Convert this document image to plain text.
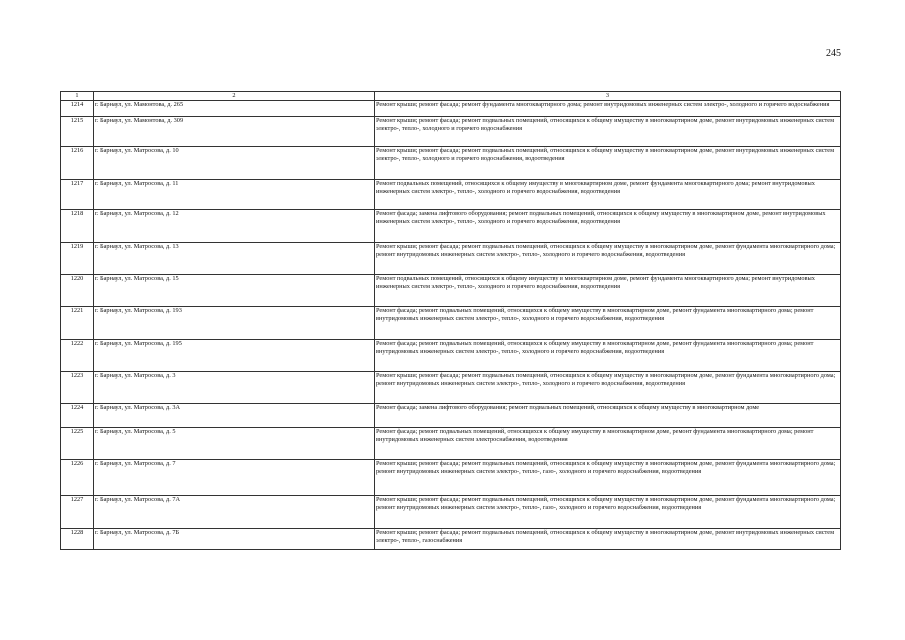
245
1	2	3
1214	г. Барнаул, ул. Мамонтова, д. 265	Ремонт крыши; ремонт фасада; ремонт фундамента многоквартирного дома; ремонт внутридомовых инженерных систем электро-, холодного и горячего водоснабжения
1215	г. Барнаул, ул. Мамонтова, д. 309	Ремонт крыши; ремонт фасада; ремонт подвальных помещений, относящихся к общему имуществу в многоквартирном доме, ремонт внутридомовых инженерных систем электро-, тепло-, холодного и горячего водоснабжения
1216	г. Барнаул, ул. Матросова, д. 10	Ремонт крыши; ремонт фасада; ремонт подвальных помещений, относящихся к общему имуществу в многоквартирном доме, ремонт внутридомовых инженерных систем электро-, тепло-, холодного и горячего водоснабжения, водоотведения
1217	г. Барнаул, ул. Матросова, д. 11	Ремонт подвальных помещений, относящихся к общему имуществу в многоквартирном доме, ремонт фундамента многоквартирного дома; ремонт внутридомовых инженерных систем электро-, тепло-, холодного и горячего водоснабжения, водоотведения
1218	г. Барнаул, ул. Матросова, д. 12	Ремонт фасада; замена лифтового оборудования; ремонт подвальных помещений, относящихся к общему имуществу в многоквартирном доме, ремонт внутридомовых инженерных систем электро-, тепло-, холодного и горячего водоснабжения, водоотведения
1219	г. Барнаул, ул. Матросова, д. 13	Ремонт крыши; ремонт фасада; ремонт подвальных помещений, относящихся к общему имуществу в многоквартирном доме, ремонт фундамента многоквартирного дома; ремонт внутридомовых инженерных систем электро-, тепло-, холодного и горячего водоснабжения, водоотведения
1220	г. Барнаул, ул. Матросова, д. 15	Ремонт подвальных помещений, относящихся к общему имуществу в многоквартирном доме, ремонт фундамента многоквартирного дома; ремонт внутридомовых инженерных систем электро-, тепло-, холодного и горячего водоснабжения, водоотведения
1221	г. Барнаул, ул. Матросова, д. 193	Ремонт фасада; ремонт подвальных помещений, относящихся к общему имуществу в многоквартирном доме, ремонт фундамента многоквартирного дома; ремонт внутридомовых инженерных систем электро-, тепло-, холодного и горячего водоснабжения, водоотведения
1222	г. Барнаул, ул. Матросова, д. 195	Ремонт фасада; ремонт подвальных помещений, относящихся к общему имуществу в многоквартирном доме, ремонт фундамента многоквартирного дома; ремонт внутридомовых инженерных систем электро-, тепло-, холодного и горячего водоснабжения, водоотведения
1223	г. Барнаул, ул. Матросова, д. 3	Ремонт крыши; ремонт фасада; ремонт подвальных помещений, относящихся к общему имуществу в многоквартирном доме, ремонт фундамента многоквартирного дома; ремонт внутридомовых инженерных систем электро-, тепло-, холодного и горячего водоснабжения, водоотведения
1224	г. Барнаул, ул. Матросова, д. 3А	Ремонт фасада; замена лифтового оборудования; ремонт подвальных помещений, относящихся к общему имуществу в многоквартирном доме
1225	г. Барнаул, ул. Матросова, д. 5	Ремонт фасада; ремонт подвальных помещений, относящихся к общему имуществу в многоквартирном доме, ремонт фундамента многоквартирного дома; ремонт внутридомовых инженерных систем электроснабжения, водоотведения
1226	г. Барнаул, ул. Матросова, д. 7	Ремонт крыши; ремонт фасада; ремонт подвальных помещений, относящихся к общему имуществу в многоквартирном доме, ремонт фундамента многоквартирного дома; ремонт внутридомовых инженерных систем электро-, тепло-, газо-, холодного и горячего водоснабжения, водоотведения
1227	г. Барнаул, ул. Матросова, д. 7А	Ремонт крыши; ремонт фасада; ремонт подвальных помещений, относящихся к общему имуществу в многоквартирном доме, ремонт фундамента многоквартирного дома; ремонт внутридомовых инженерных систем электро-, тепло-, газо-, холодного и горячего водоснабжения, водоотведения
1228	г. Барнаул, ул. Матросова, д. 7Б	Ремонт крыши; ремонт фасада; ремонт подвальных помещений, относящихся к общему имуществу в многоквартирном доме, ремонт внутридомовых инженерных систем электро-, тепло-, газоснабжения
